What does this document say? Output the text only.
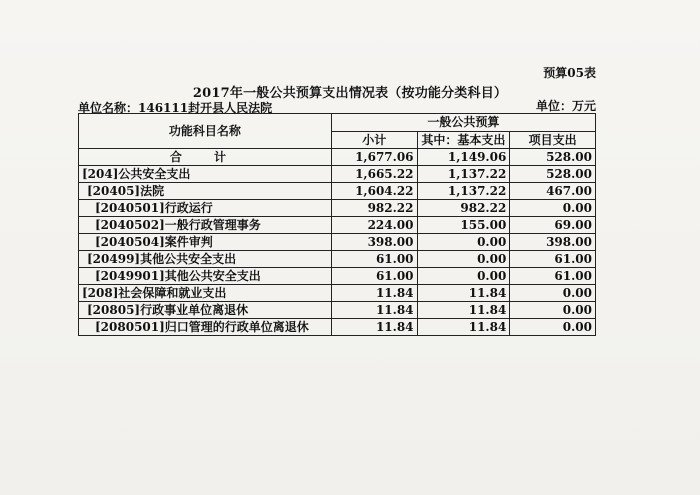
预算05表
2017年一般公共预算支出情况表（按功能分类科目）
单位名称：146111封开县人民法院	单位：万元
功能科目名称	一般公共预算		
	小计	其中：基本支出	项目支出
合 计	1,677.06	1,149.06	528.00
[204]公共安全支出	1,665.22	1,137.22	528.00
[20405]法院	1,604.22	1,137.22	467.00
[2040501]行政运行	982.22	982.22	0.00
[2040502]一般行政管理事务	224.00	155.00	69.00
[2040504]案件审判	398.00	0.00	398.00
[20499]其他公共安全支出	61.00	0.00	61.00
[2049901]其他公共安全支出	61.00	0.00	61.00
[208]社会保障和就业支出	11.84	11.84	0.00
[20805]行政事业单位离退休	11.84	11.84	0.00
[2080501]归口管理的行政单位离退休	11.84	11.84	0.00
